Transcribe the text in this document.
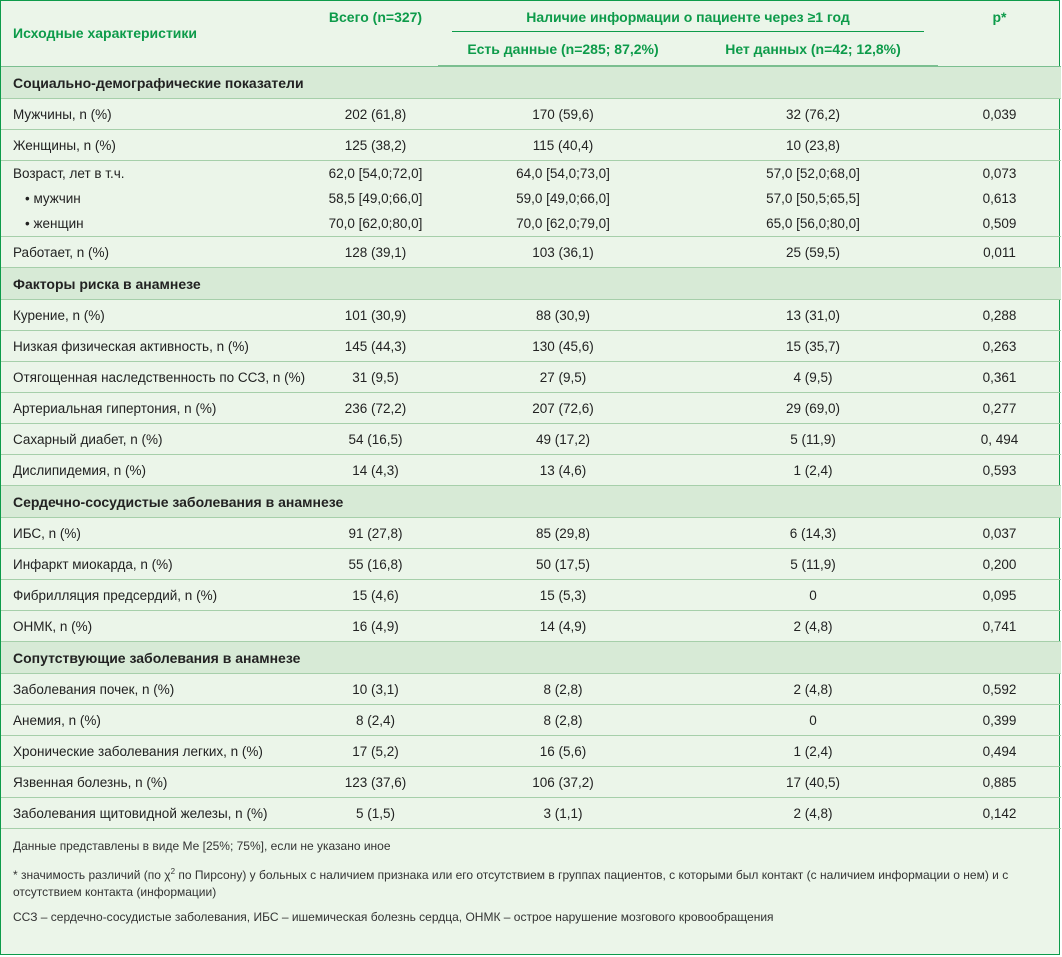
Исходные характеристики	Всего (n=327)	Наличие информации о пациенте через ≥1 год		p*
		Есть данные (n=285; 87,2%)	Нет данных (n=42; 12,8%)	

Социально-демографические показатели				
Мужчины, n (%)	202 (61,8)	170 (59,6)	32 (76,2)	0,039
Женщины, n (%)	125 (38,2)	115 (40,4)	10 (23,8)	
Возраст, лет в т.ч.	62,0 [54,0;72,0]	64,0 [54,0;73,0]	57,0 [52,0;68,0]	0,073
• мужчин	58,5 [49,0;66,0]	59,0 [49,0;66,0]	57,0 [50,5;65,5]	0,613
• женщин	70,0 [62,0;80,0]	70,0 [62,0;79,0]	65,0 [56,0;80,0]	0,509
Работает, n (%)	128 (39,1)	103 (36,1)	25 (59,5)	0,011
Факторы риска в анамнезе				
Курение, n (%)	101 (30,9)	88 (30,9)	13 (31,0)	0,288
Низкая физическая активность, n (%)	145 (44,3)	130 (45,6)	15 (35,7)	0,263
Отягощенная наследственность по ССЗ, n (%)	31 (9,5)	27 (9,5)	4 (9,5)	0,361
Артериальная гипертония, n (%)	236 (72,2)	207 (72,6)	29 (69,0)	0,277
Сахарный диабет, n (%)	54 (16,5)	49 (17,2)	5 (11,9)	0, 494
Дислипидемия, n (%)	14 (4,3)	13 (4,6)	1 (2,4)	0,593
Сердечно-сосудистые заболевания в анамнезе				
ИБС, n (%)	91 (27,8)	85 (29,8)	6 (14,3)	0,037
Инфаркт миокарда, n (%)	55 (16,8)	50 (17,5)	5 (11,9)	0,200
Фибрилляция предсердий, n (%)	15 (4,6)	15 (5,3)	0	0,095
ОНМК, n (%)	16 (4,9)	14 (4,9)	2 (4,8)	0,741
Сопутствующие заболевания в анамнезе				
Заболевания почек, n (%)	10 (3,1)	8 (2,8)	2 (4,8)	0,592
Анемия, n (%)	8 (2,4)	8 (2,8)	0	0,399
Хронические заболевания легких, n (%)	17 (5,2)	16 (5,6)	1 (2,4)	0,494
Язвенная болезнь, n (%)	123 (37,6)	106 (37,2)	17 (40,5)	0,885
Заболевания щитовидной железы, n (%)	5 (1,5)	3 (1,1)	2 (4,8)	0,142

Данные представлены в виде Ме [25%; 75%], если не указано иное

* значимость различий (по $\chi^2$ по Пирсону) у больных с наличием признака или его отсутствием в группах пациентов, с которыми был контакт (с наличием информации о нем) и с отсутствием контакта (информации)

ССЗ – сердечно-сосудистые заболевания, ИБС – ишемическая болезнь сердца, ОНМК – острое нарушение мозгового кровообращения
